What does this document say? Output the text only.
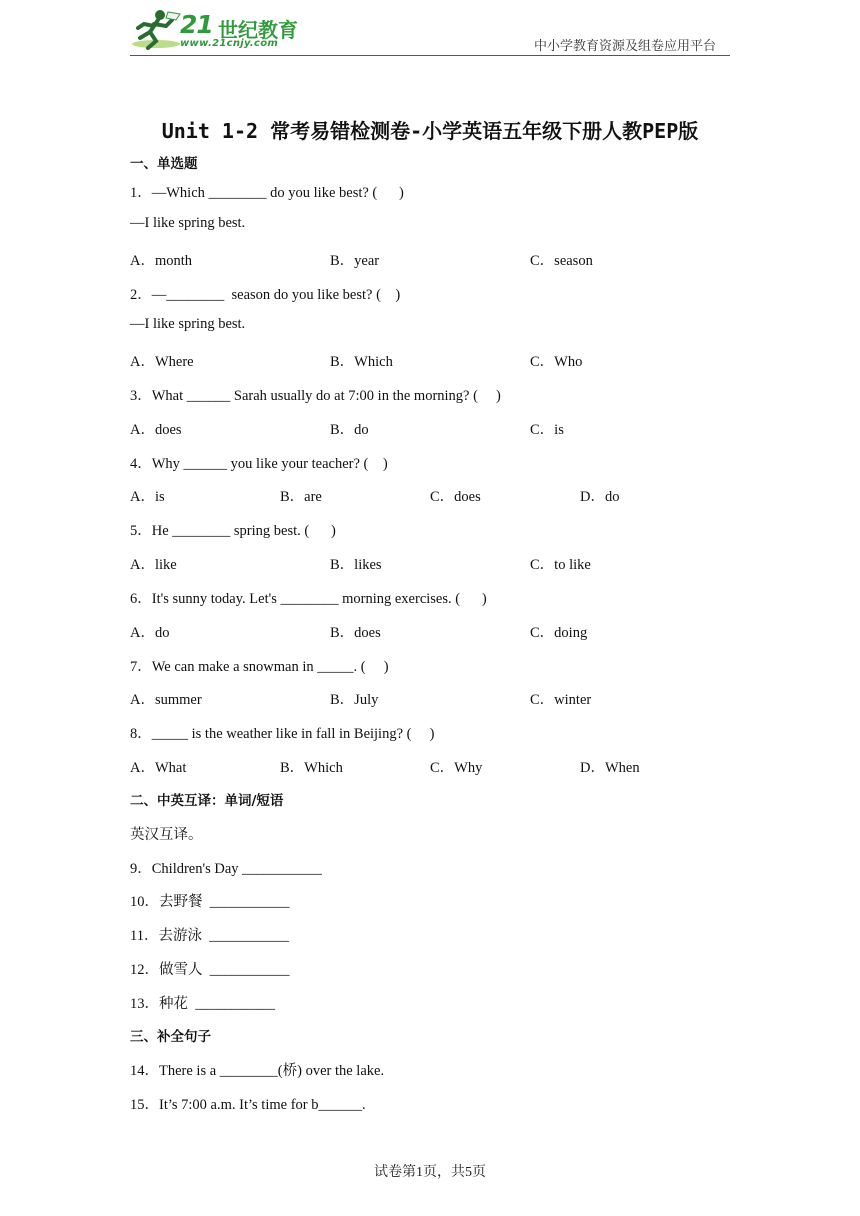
21 世纪教育
www.21cnjy.com	中小学教育资源及组卷应用平台
Unit 1-2 常考易错检测卷-小学英语五年级下册人教PEP版
一、单选题
1．—Which ________ do you like best? (      )
—I like spring best.
A．month	B．year	C．season
2．—________  season do you like best? (    )
—I like spring best.
A．Where	B．Which	C．Who
3．What ______ Sarah usually do at 7:00 in the morning? (     )
A．does	B．do	C．is
4．Why ______ you like your teacher? (    )
A．is	B．are	C．does	D．do
5．He ________ spring best. (      )
A．like	B．likes	C．to like
6．It's sunny today. Let's ________ morning exercises. (      )
A．do	B．does	C．doing
7．We can make a snowman in _____. (     )
A．summer	B．July	C．winter
8．_____ is the weather like in fall in Beijing? (     )
A．What	B．Which	C．Why	D．When
二、中英互译：单词/短语
英汉互译。
9．Children's Day ___________
10．去野餐  ___________
11．去游泳  ___________
12．做雪人  ___________
13．种花  ___________
三、补全句子
14．There is a ________(桥) over the lake.
15．It’s 7:00 a.m. It’s time for b______.
试卷第1页，共5页
